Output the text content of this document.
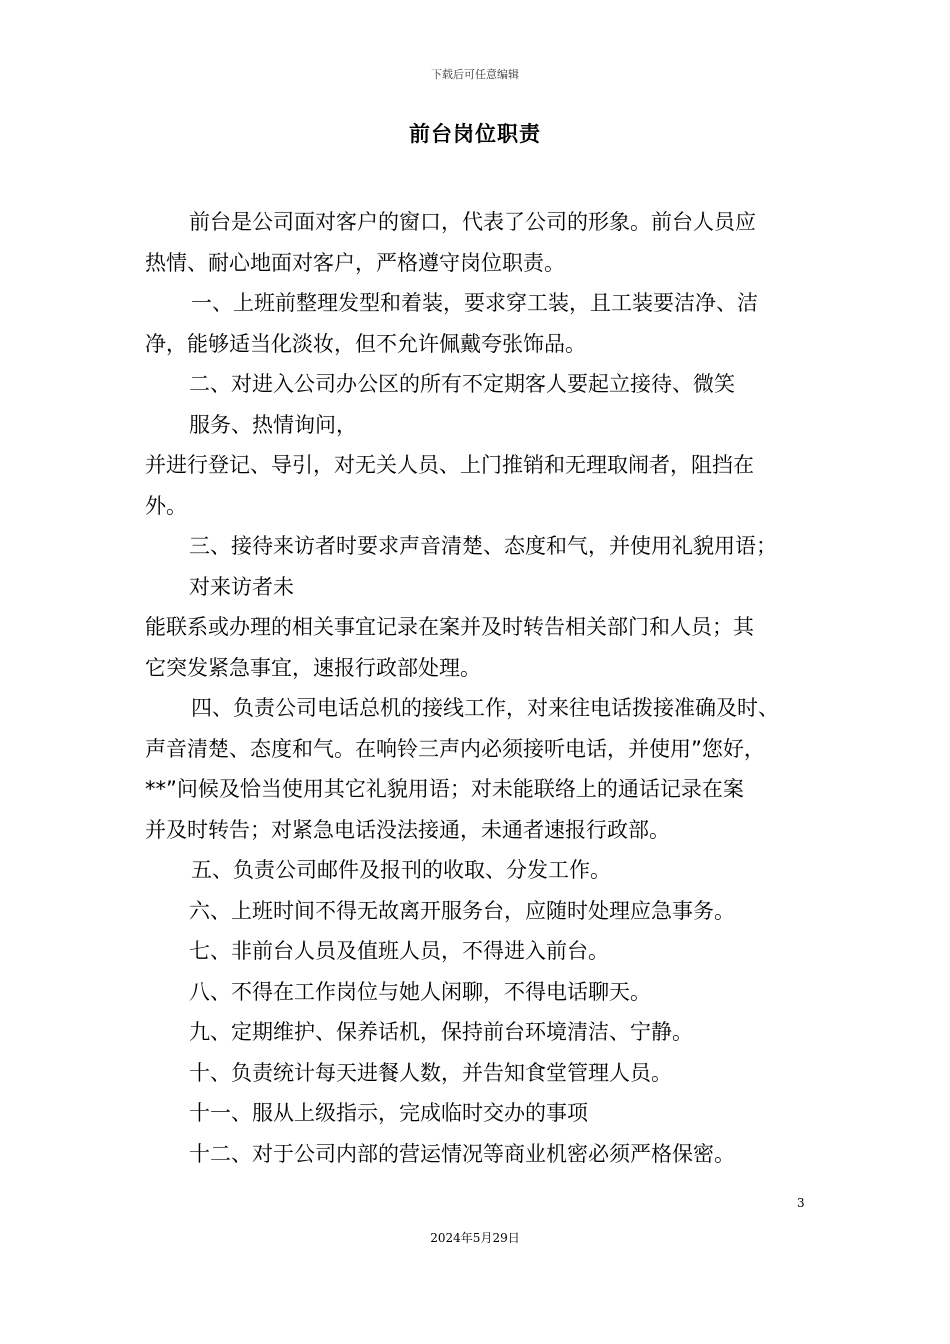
下载后可任意编辑
前台岗位职责
前台是公司面对客户的窗口，代表了公司的形象。前台人员应
热情、耐心地面对客户，严格遵守岗位职责。
一、上班前整理发型和着装，要求穿工装，且工装要洁净、洁
净，能够适当化淡妆，但不允许佩戴夸张饰品。
二、对进入公司办公区的所有不定期客人要起立接待、微笑
服务、热情询问，
并进行登记、导引，对无关人员、上门推销和无理取闹者，阻挡在
外。
三、接待来访者时要求声音清楚、态度和气，并使用礼貌用语；
对来访者未
能联系或办理的相关事宜记录在案并及时转告相关部门和人员；其
它突发紧急事宜，速报行政部处理。
四、负责公司电话总机的接线工作，对来往电话拨接准确及时、
声音清楚、态度和气。在响铃三声内必须接听电话，并使用”您好，
**”问候及恰当使用其它礼貌用语；对未能联络上的通话记录在案
并及时转告；对紧急电话没法接通，未通者速报行政部。
五、负责公司邮件及报刊的收取、分发工作。
六、上班时间不得无故离开服务台，应随时处理应急事务。
七、非前台人员及值班人员，不得进入前台。
八、不得在工作岗位与她人闲聊，不得电话聊天。
九、定期维护、保养话机，保持前台环境清洁、宁静。
十、负责统计每天进餐人数，并告知食堂管理人员。
十一、服从上级指示，完成临时交办的事项
十二、对于公司内部的营运情况等商业机密必须严格保密。
3
2024年5月29日
